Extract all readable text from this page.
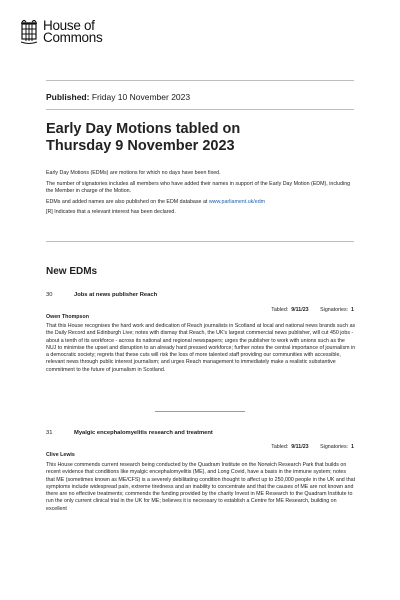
House of
Commons
Published: Friday 10 November 2023
Early Day Motions tabled on
Thursday 9 November 2023

Early Day Motions (EDMs) are motions for which no days have been fixed.

The number of signatories includes all members who have added their names in support of the Early Day Motion (EDM), including the Member in charge of the Motion.

EDMs and added names are also published on the EDM database at www.parliament.uk/edm

[R] Indicates that a relevant interest has been declared.

New EDMs
30	Jobs at news publisher Reach
Tabled: 9/11/23 Signatories: 1
Owen Thompson

That this House recognises the hard work and dedication of Reach journalists in Scotland at local and national news brands such as the Daily Record and Edinburgh Live; notes with dismay that Reach, the UK's largest commercial news publisher, will cut 450 jobs - about a tenth of its workforce - across its national and regional newspapers; urges the publisher to work with unions such as the NUJ to minimise the upset and disruption to an already hard pressed workforce; further notes the central importance of journalism in a democratic society; regrets that these cuts will risk the loss of more talented staff providing our communities with accessible, relevant news through public interest journalism; and urges Reach management to immediately make a realistic substantive commitment to the future of journalism in Scotland.

31	Myalgic encephalomyelitis research and treatment
Tabled: 9/11/23 Signatories: 1
Clive Lewis

This House commends current research being conducted by the Quadram Institute on the Norwich Research Park that builds on recent evidence that conditions like myalgic encephalomyelitis (ME), and Long Covid, have a basis in the immune system; notes that ME (sometimes known as ME/CFS) is a severely debilitating condition thought to affect up to 250,000 people in the UK and that symptoms include widespread pain, extreme tiredness and an inability to concentrate and that the causes of ME are not known and there are no effective treatments; commends the funding provided by the charity Invest in ME Research to the Quadram Institute to run the only current clinical trial in the UK for ME; believes it is necessary to establish a Centre for ME Research, building on excellent
